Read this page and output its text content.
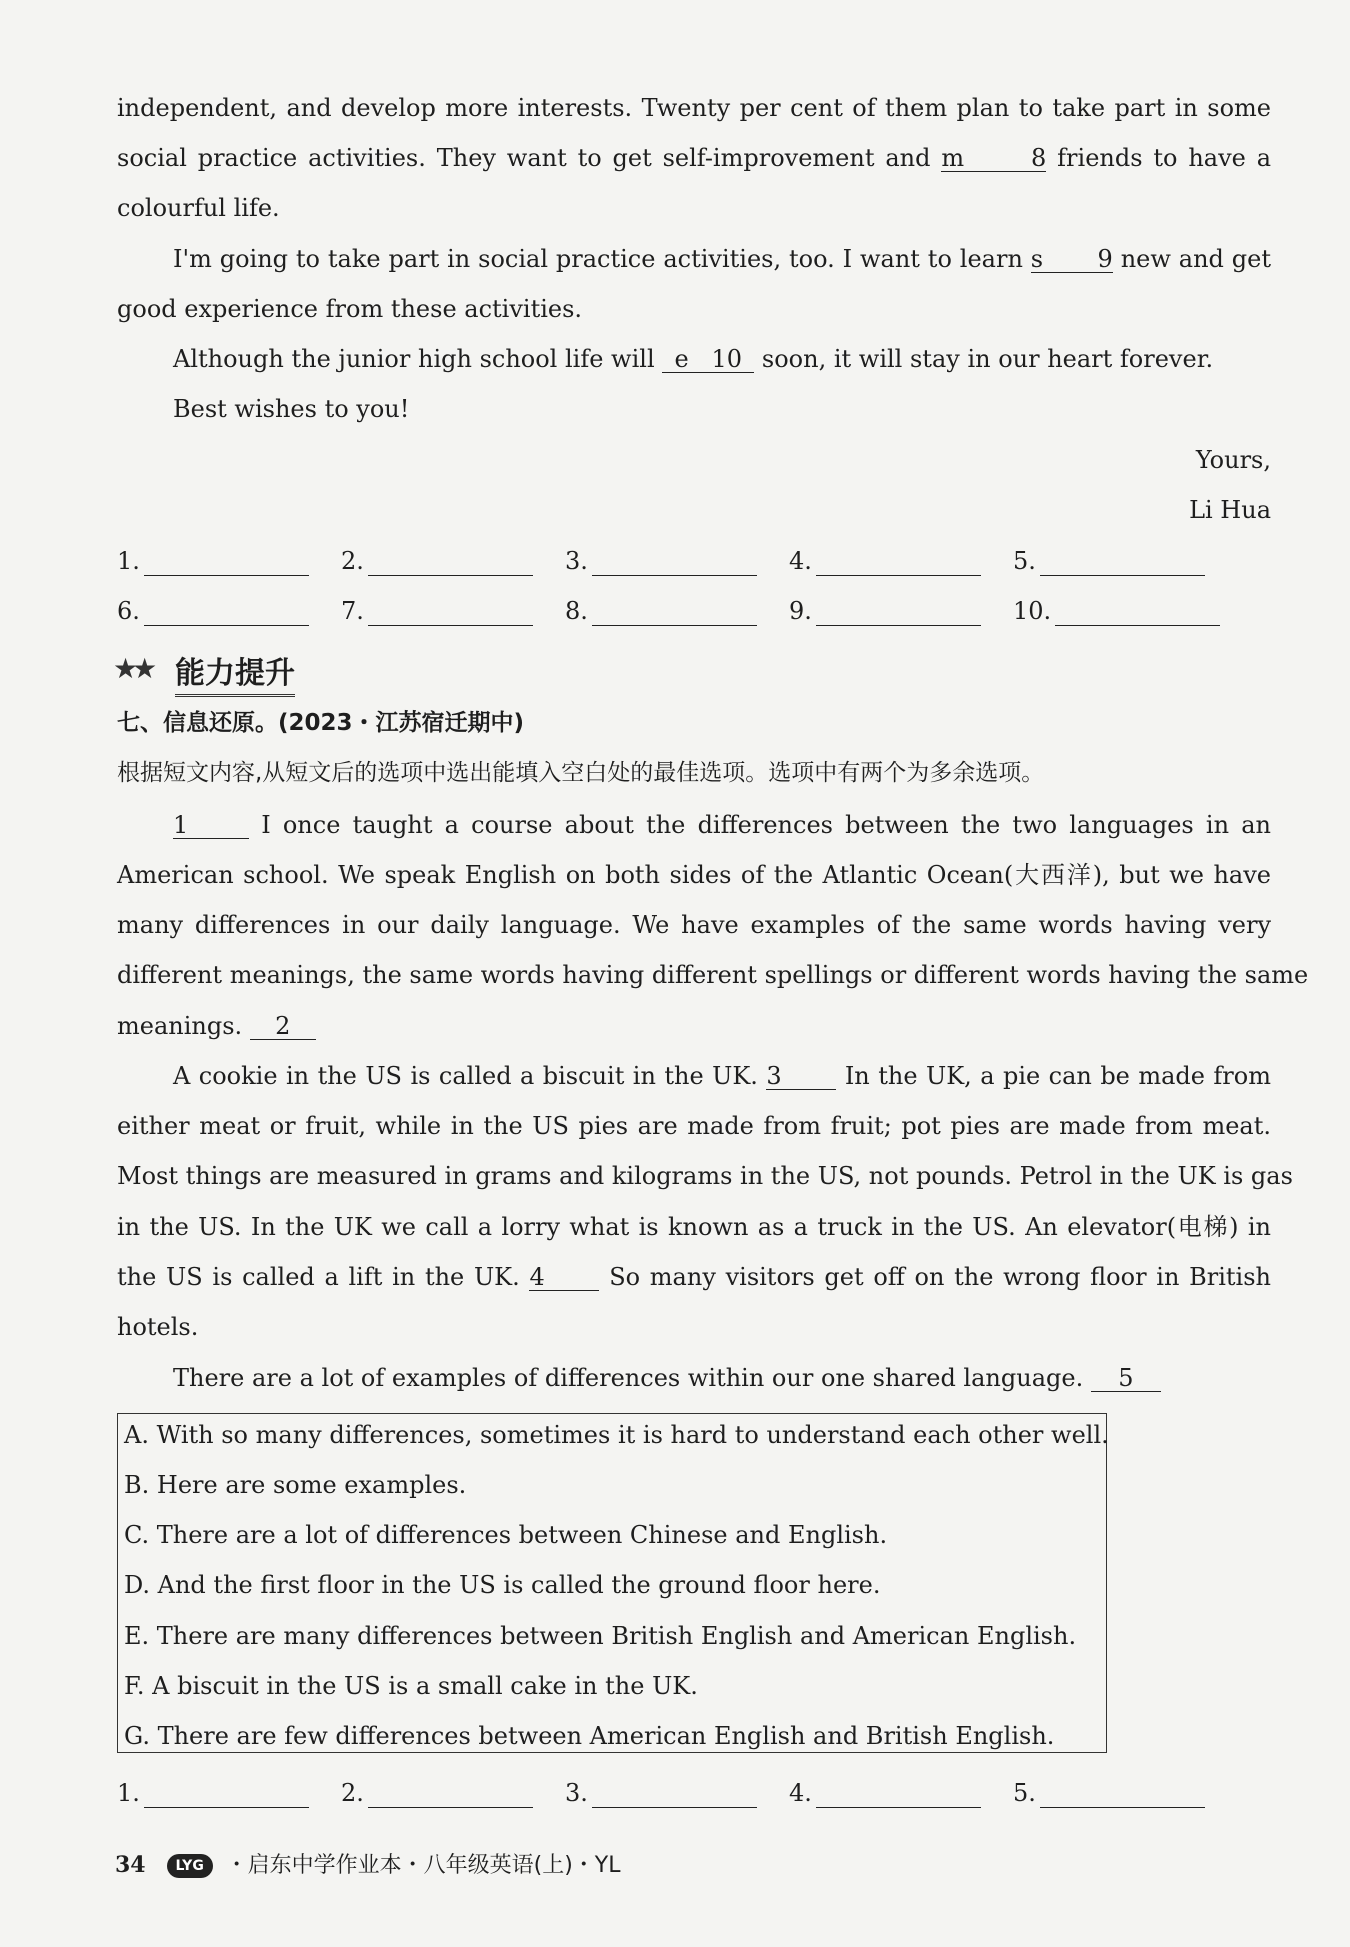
independent, and develop more interests. Twenty per cent of them plan to take part in some
social practice activities. They want to get self-improvement and m	8 friends to have a
colourful life.
I'm going to take part in social practice activities, too. I want to learn s 9 new and get
good experience from these activities.
Although the junior high school life will e 10 soon, it will stay in our heart forever.
Best wishes to you!
Yours,
Li Hua
1.	2.	3.	4.	5.
6.	7.	8.	9.	10.
★★ 能力提升
七、信息还原。(2023・江苏宿迁期中)
根据短文内容,从短文后的选项中选出能填入空白处的最佳选项。选项中有两个为多余选项。
1	I once taught a course about the differences between the two languages in an
American school. We speak English on both sides of the Atlantic Ocean(大西洋), but we have
many differences in our daily language. We have examples of the same words having very
different meanings, the same words having different spellings or different words having the same
meanings. 2
A cookie in the US is called a biscuit in the UK. 3	In the UK, a pie can be made from
either meat or fruit, while in the US pies are made from fruit; pot pies are made from meat.
Most things are measured in grams and kilograms in the US, not pounds. Petrol in the UK is gas
in the US. In the UK we call a lorry what is known as a truck in the US. An elevator(电梯) in
the US is called a lift in the UK. 4	So many visitors get off on the wrong floor in British
hotels.
There are a lot of examples of differences within our one shared language. 5
A. With so many differences, sometimes it is hard to understand each other well.
B. Here are some examples.
C. There are a lot of differences between Chinese and English.
D. And the first floor in the US is called the ground floor here.
E. There are many differences between British English and American English.
F. A biscuit in the US is a small cake in the UK.
G. There are few differences between American English and British English.
1.	2.	3.	4.	5.
34 LYG ・启东中学作业本・八年级英语(上)・YL
